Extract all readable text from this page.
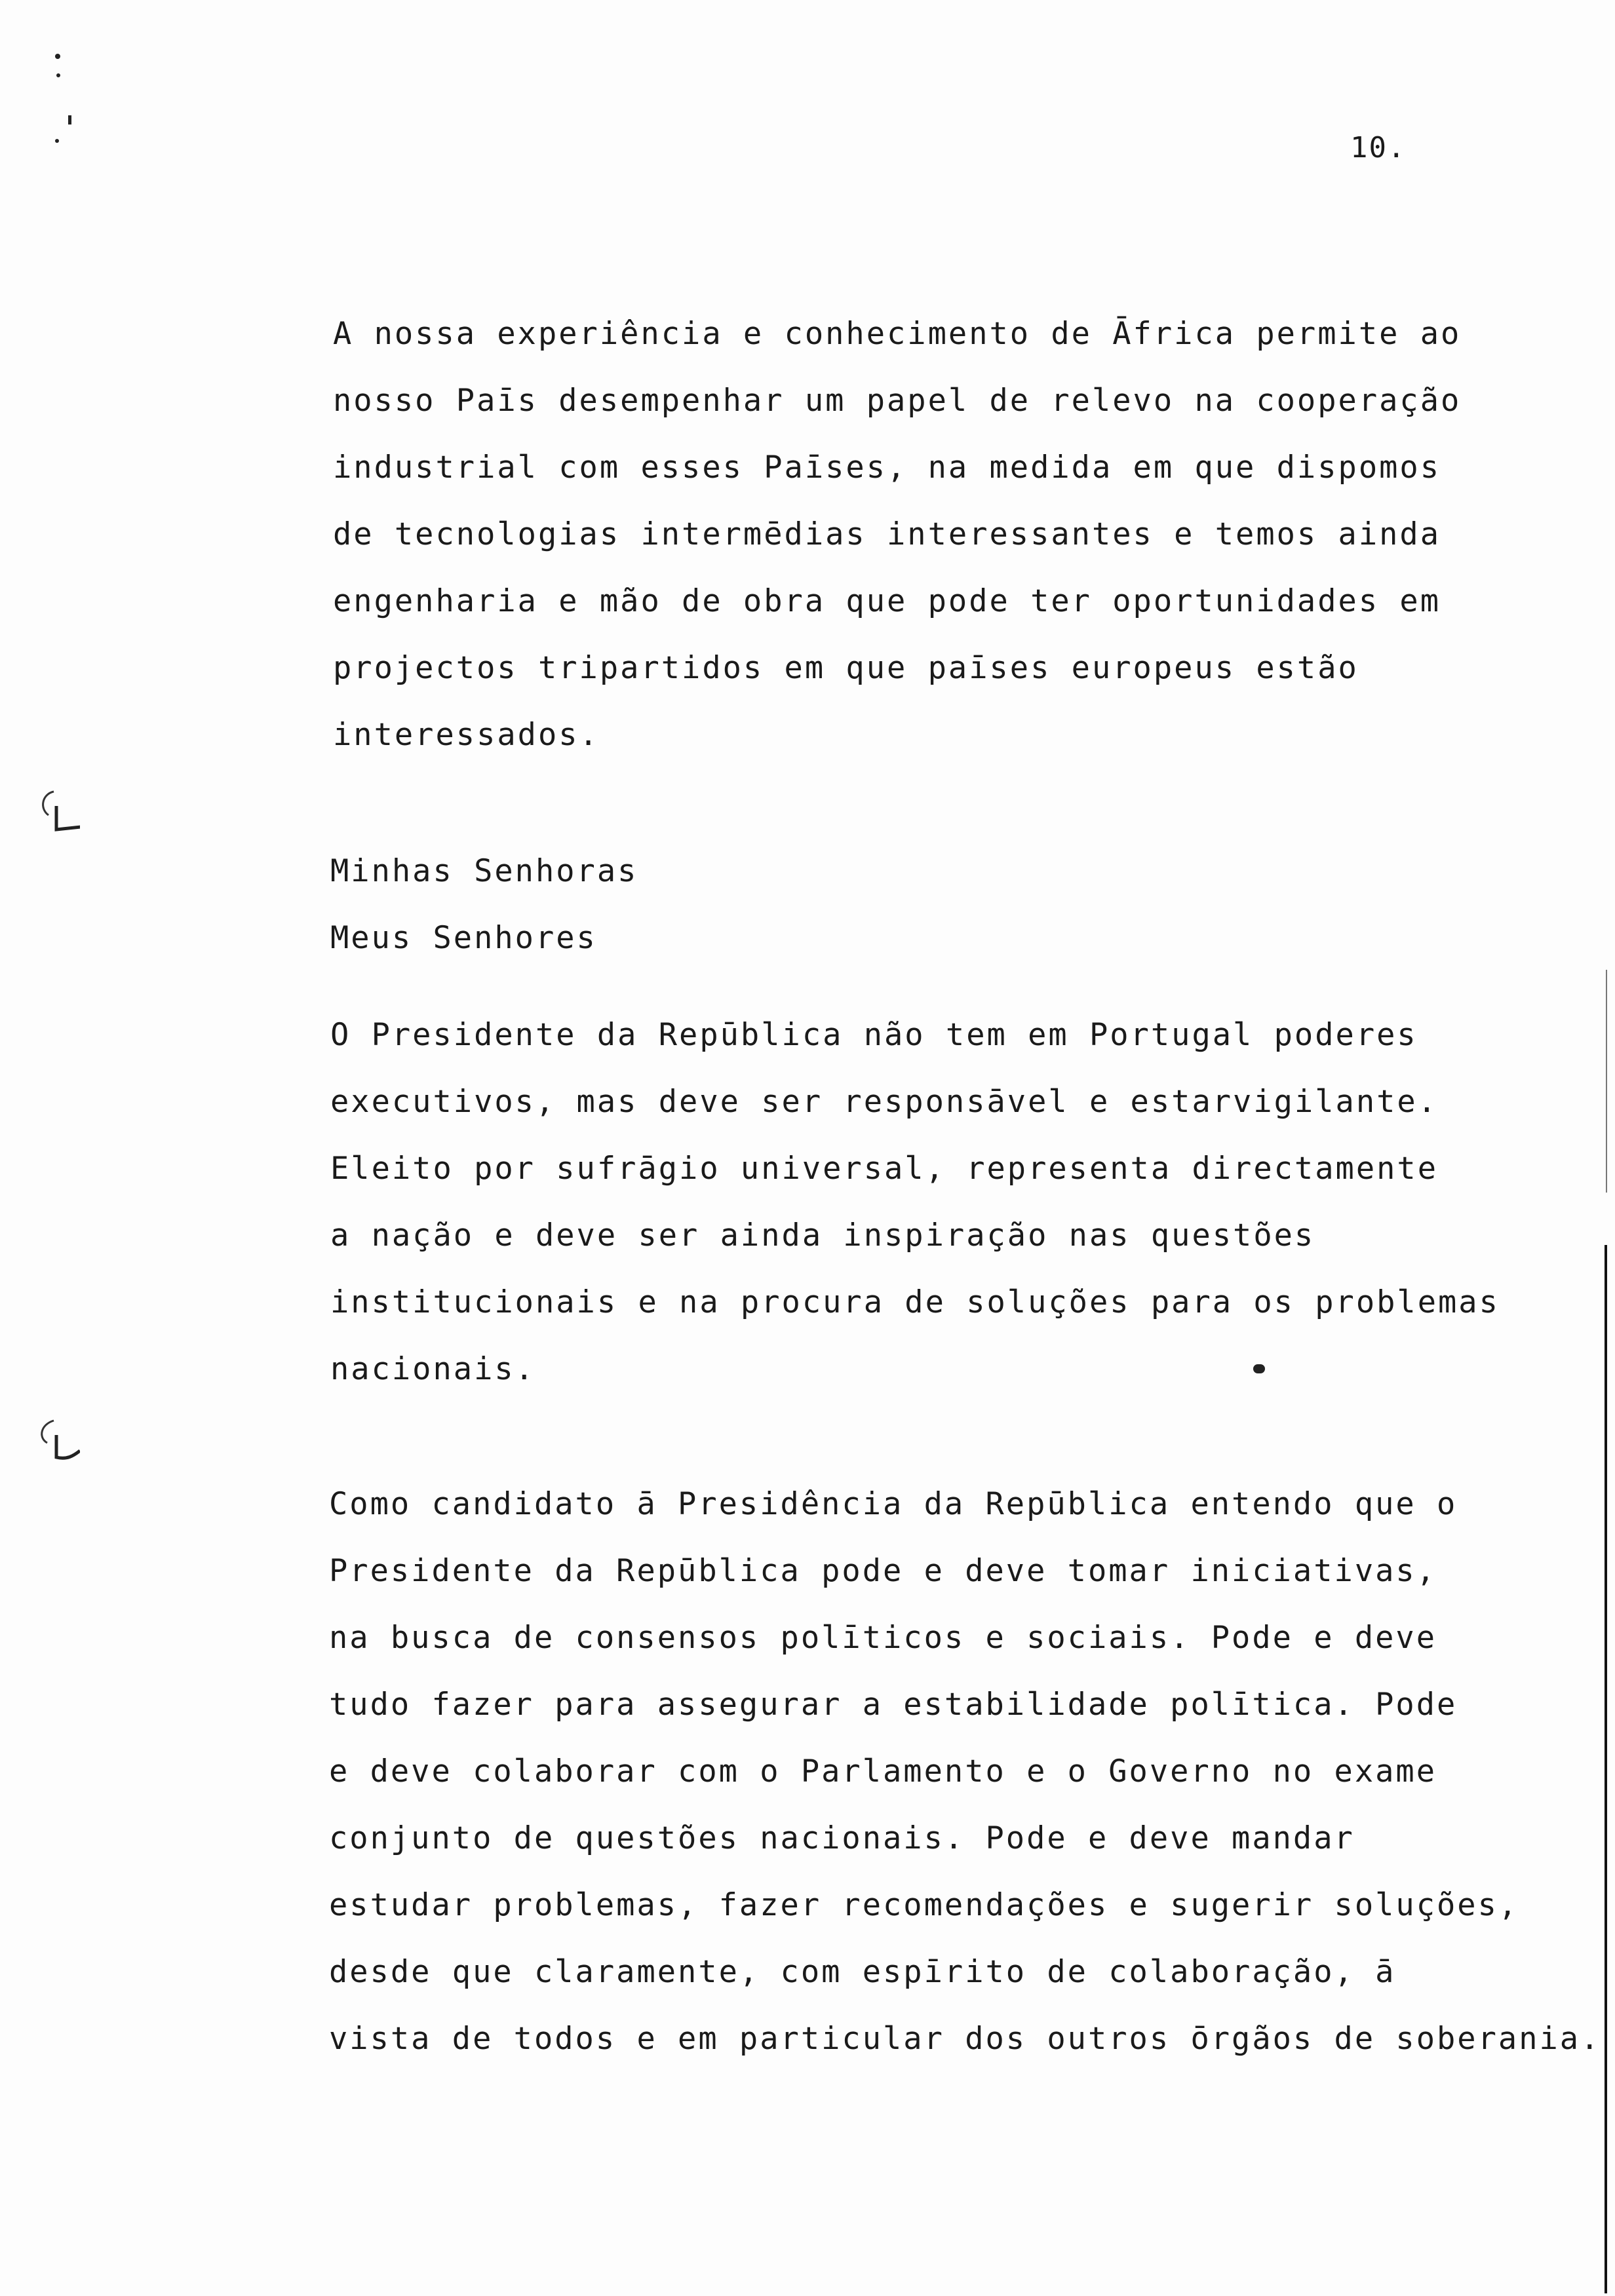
10.
A nossa experiência e conhecimento de Āfrica permite ao
nosso Paīs desempenhar um papel de relevo na cooperação
industrial com esses Paīses, na medida em que dispomos
de tecnologias intermēdias interessantes e temos ainda
engenharia e mão de obra que pode ter oportunidades em
projectos tripartidos em que paīses europeus estão
interessados.
Minhas Senhoras
Meus Senhores
O Presidente da Repūblica não tem em Portugal poderes
executivos, mas deve ser responsāvel e estarvigilante.
Eleito por sufrāgio universal, representa directamente
a nação e deve ser ainda inspiração nas questões
institucionais e na procura de soluções para os problemas
nacionais.
Como candidato ā Presidência da Repūblica entendo que o
Presidente da Repūblica pode e deve tomar iniciativas,
na busca de consensos polīticos e sociais. Pode e deve
tudo fazer para assegurar a estabilidade polītica. Pode
e deve colaborar com o Parlamento e o Governo no exame
conjunto de questões nacionais. Pode e deve mandar
estudar problemas, fazer recomendações e sugerir soluções,
desde que claramente, com espīrito de colaboração, ā
vista de todos e em particular dos outros ōrgãos de soberania.
